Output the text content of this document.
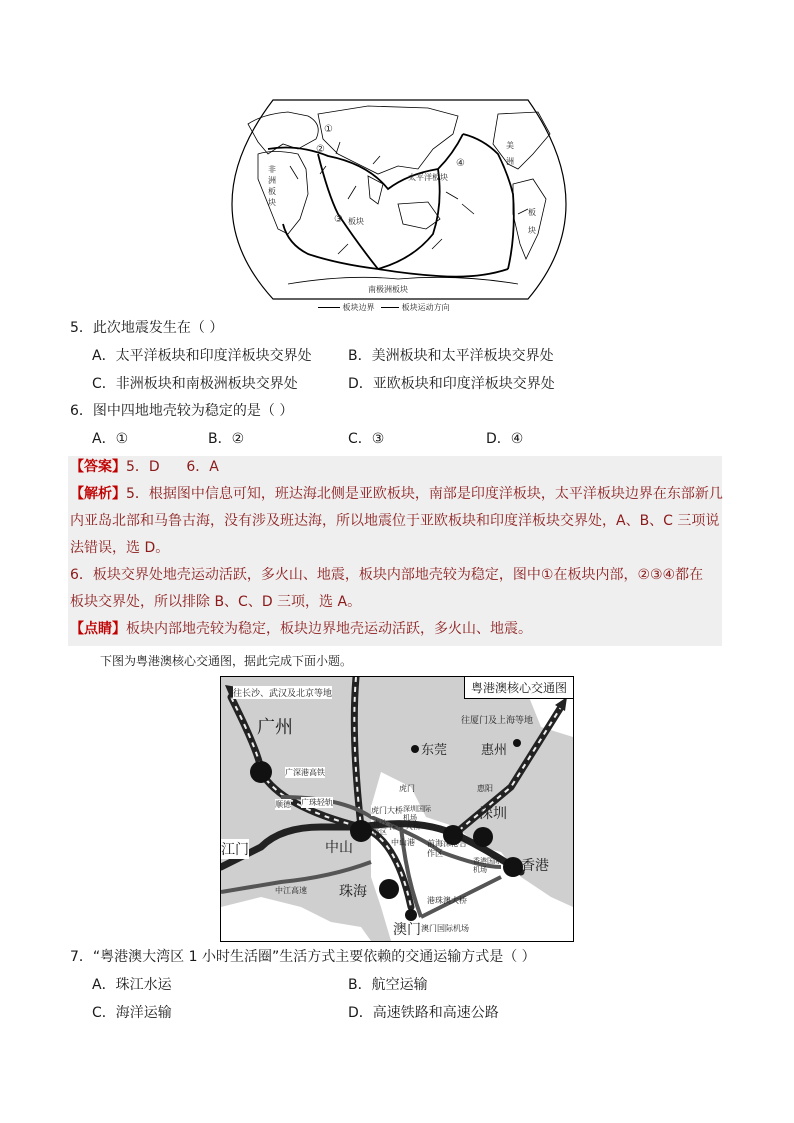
非
洲
板
块
太平洋板块
美
洲
板
块
③ 板块
①
②
④
南极洲板块
板块边界	板块运动方向
5．此次地震发生在（ ）
A．太平洋板块和印度洋板块交界处	B．美洲板块和太平洋板块交界处
C．非洲板块和南极洲板块交界处	D．亚欧板块和印度洋板块交界处
6．图中四地地壳较为稳定的是（ ）
A．①	B．②	C．③	D．④
【答案】5．D      6．A
【解析】5．根据图中信息可知，班达海北侧是亚欧板块，南部是印度洋板块，太平洋板块边界在东部新几
内亚岛北部和马鲁古海，没有涉及班达海，所以地震位于亚欧板块和印度洋板块交界处，A、B、C 三项说
法错误，选 D。
6．板块交界处地壳运动活跃，多火山、地震，板块内部地壳较为稳定，图中①在板块内部，②③④都在
板块交界处，所以排除 B、C、D 三项，选 A。
【点睛】板块内部地壳较为稳定，板块边界地壳运动活跃，多火山、地震。
下图为粤港澳核心交通图，据此完成下面小题。
粤港澳核心交通图
往长沙、武汉及北京等地
往厦门及上海等地
广州
东莞	惠州
深圳
香港
中山
珠海
江门
澳门
广深港高铁
广珠轻轨
虎门
虎门大桥 深圳国际机场
南沙新区
深中大桥
前海深港合作区
中山港
香港国际机场
港珠澳大桥
澳门国际机场
中江高速
顺德
惠阳
7．“粤港澳大湾区 1 小时生活圈”生活方式主要依赖的交通运输方式是（ ）
A．珠江水运	B．航空运输
C．海洋运输	D．高速铁路和高速公路
